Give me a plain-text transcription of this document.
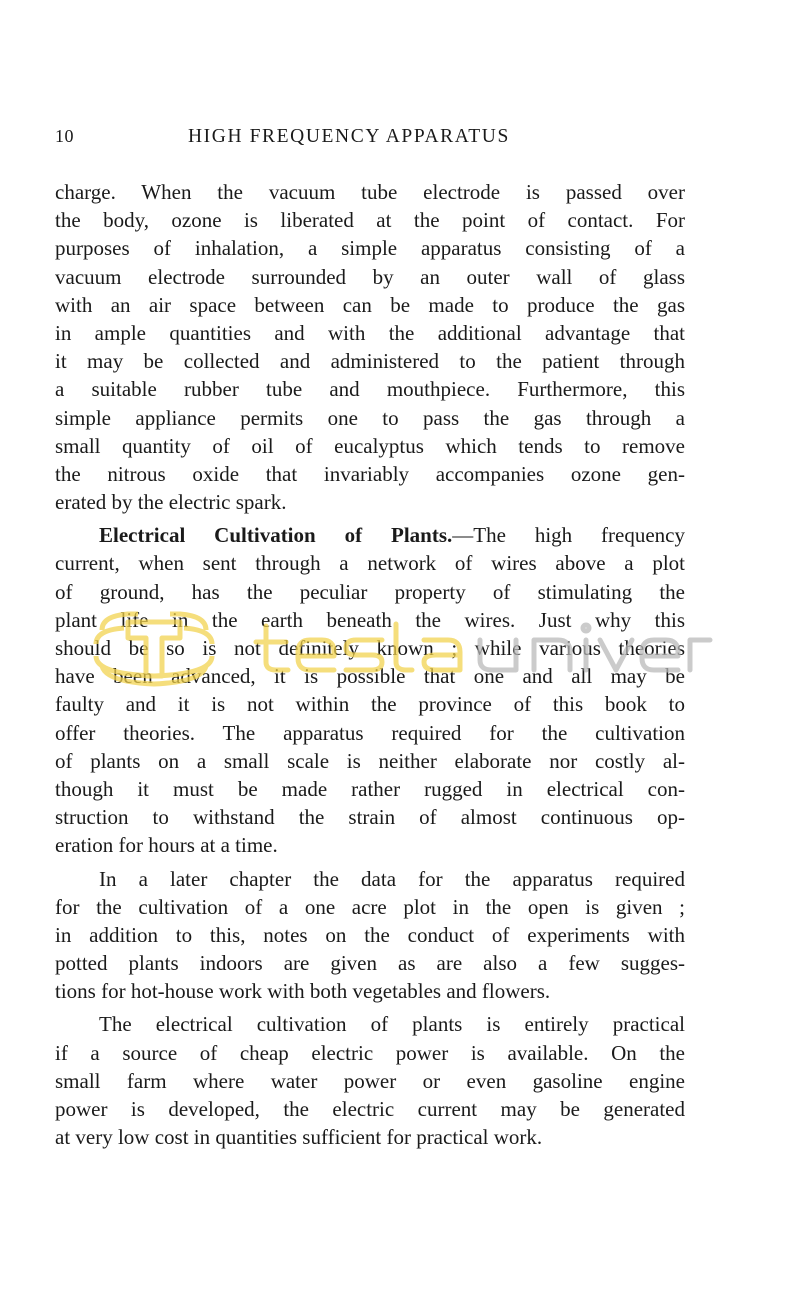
10	HIGH FREQUENCY APPARATUS
charge. When the vacuum tube electrode is passed over
the body, ozone is liberated at the point of contact. For
purposes of inhalation, a simple apparatus consisting of a
vacuum electrode surrounded by an outer wall of glass
with an air space between can be made to produce the gas
in ample quantities and with the additional advantage that
it may be collected and administered to the patient through
a suitable rubber tube and mouthpiece. Furthermore, this
simple appliance permits one to pass the gas through a
small quantity of oil of eucalyptus which tends to remove
the nitrous oxide that invariably accompanies ozone gen-
erated by the electric spark.
Electrical Cultivation of Plants.—The high frequency
current, when sent through a network of wires above a plot
of ground, has the peculiar property of stimulating the
plant life in the earth beneath the wires. Just why this
should be so is not definitely known ; while various theories
have been advanced, it is possible that one and all may be
faulty and it is not within the province of this book to
offer theories. The apparatus required for the cultivation
of plants on a small scale is neither elaborate nor costly al-
though it must be made rather rugged in electrical con-
struction to withstand the strain of almost continuous op-
eration for hours at a time.
In a later chapter the data for the apparatus required
for the cultivation of a one acre plot in the open is given ;
in addition to this, notes on the conduct of experiments with
potted plants indoors are given as are also a few sugges-
tions for hot-house work with both vegetables and flowers.
The electrical cultivation of plants is entirely practical
if a source of cheap electric power is available. On the
small farm where water power or even gasoline engine
power is developed, the electric current may be generated
at very low cost in quantities sufficient for practical work.
